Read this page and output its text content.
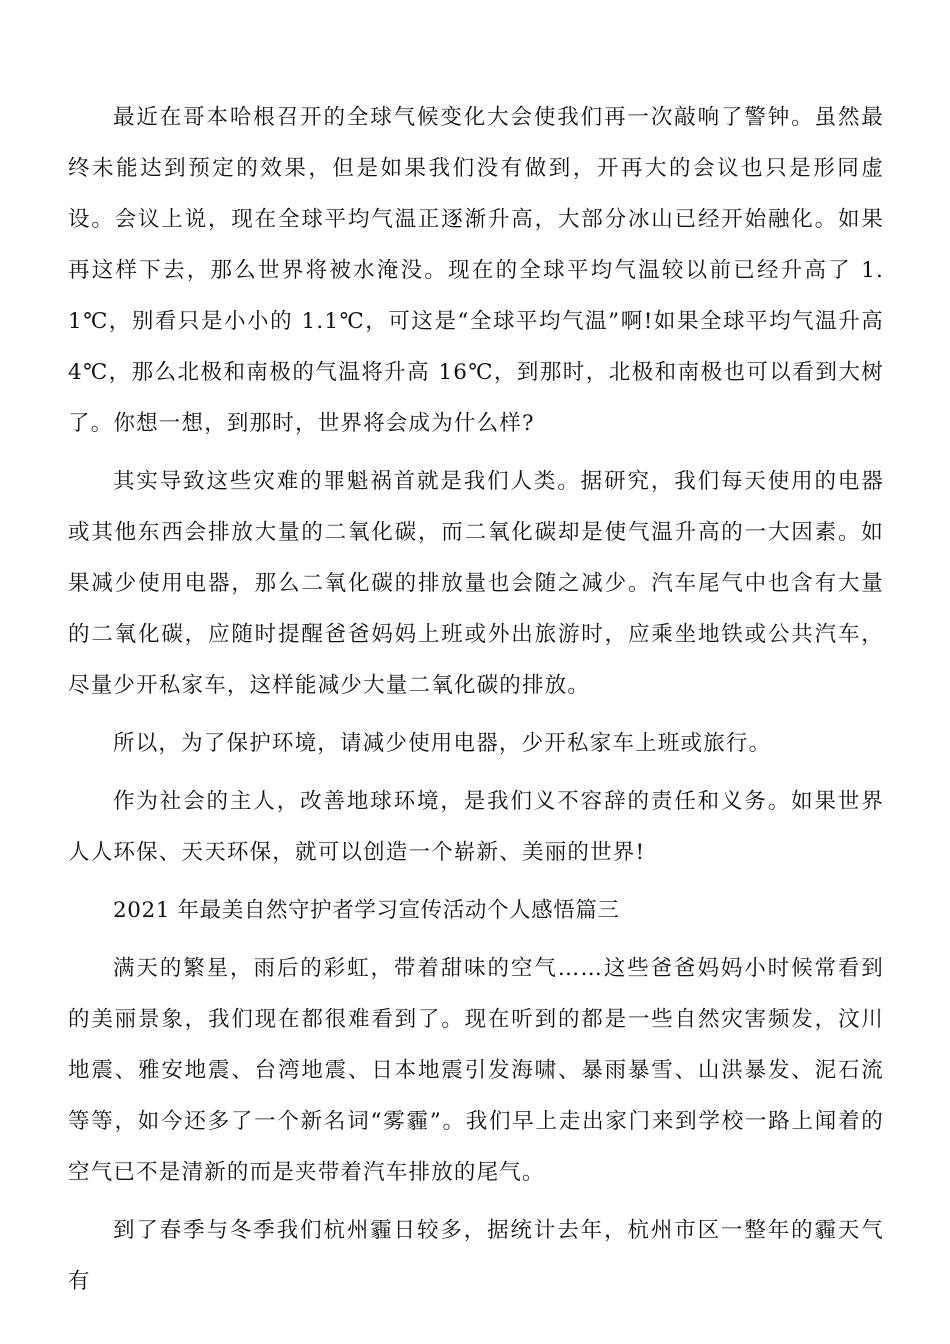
最近在哥本哈根召开的全球气候变化大会使我们再一次敲响了警钟。虽然最终未能达到预定的效果，但是如果我们没有做到，开再大的会议也只是形同虚设。会议上说，现在全球平均气温正逐渐升高，大部分冰山已经开始融化。如果再这样下去，那么世界将被水淹没。现在的全球平均气温较以前已经升高了 1.1℃，别看只是小小的 1.1℃，可这是“全球平均气温”啊!如果全球平均气温升高 4℃，那么北极和南极的气温将升高 16℃，到那时，北极和南极也可以看到大树了。你想一想，到那时，世界将会成为什么样?

其实导致这些灾难的罪魁祸首就是我们人类。据研究，我们每天使用的电器或其他东西会排放大量的二氧化碳，而二氧化碳却是使气温升高的一大因素。如果减少使用电器，那么二氧化碳的排放量也会随之减少。汽车尾气中也含有大量的二氧化碳，应随时提醒爸爸妈妈上班或外出旅游时，应乘坐地铁或公共汽车，尽量少开私家车，这样能减少大量二氧化碳的排放。

所以，为了保护环境，请减少使用电器，少开私家车上班或旅行。

作为社会的主人，改善地球环境，是我们义不容辞的责任和义务。如果世界人人环保、天天环保，就可以创造一个崭新、美丽的世界!

2021 年最美自然守护者学习宣传活动个人感悟篇三

满天的繁星，雨后的彩虹，带着甜味的空气……这些爸爸妈妈小时候常看到的美丽景象，我们现在都很难看到了。现在听到的都是一些自然灾害频发，汶川地震、雅安地震、台湾地震、日本地震引发海啸、暴雨暴雪、山洪暴发、泥石流等等，如今还多了一个新名词“雾霾”。我们早上走出家门来到学校一路上闻着的空气已不是清新的而是夹带着汽车排放的尾气。

到了春季与冬季我们杭州霾日较多，据统计去年，杭州市区一整年的霾天气有
